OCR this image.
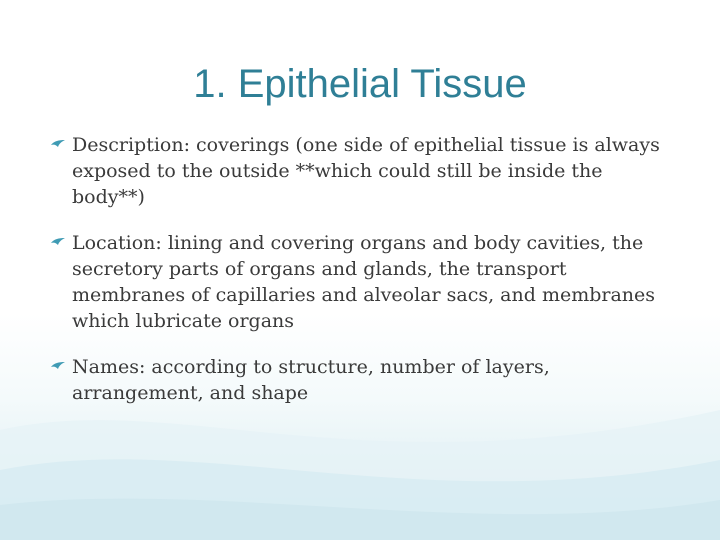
1. Epithelial Tissue
Description: coverings (one side of epithelial tissue is always exposed to the outside **which could still be inside the body**)
Location: lining and covering organs and body cavities, the secretory parts of organs and glands, the transport membranes of capillaries and alveolar sacs, and membranes which lubricate organs
Names: according to structure, number of layers, arrangement, and shape
